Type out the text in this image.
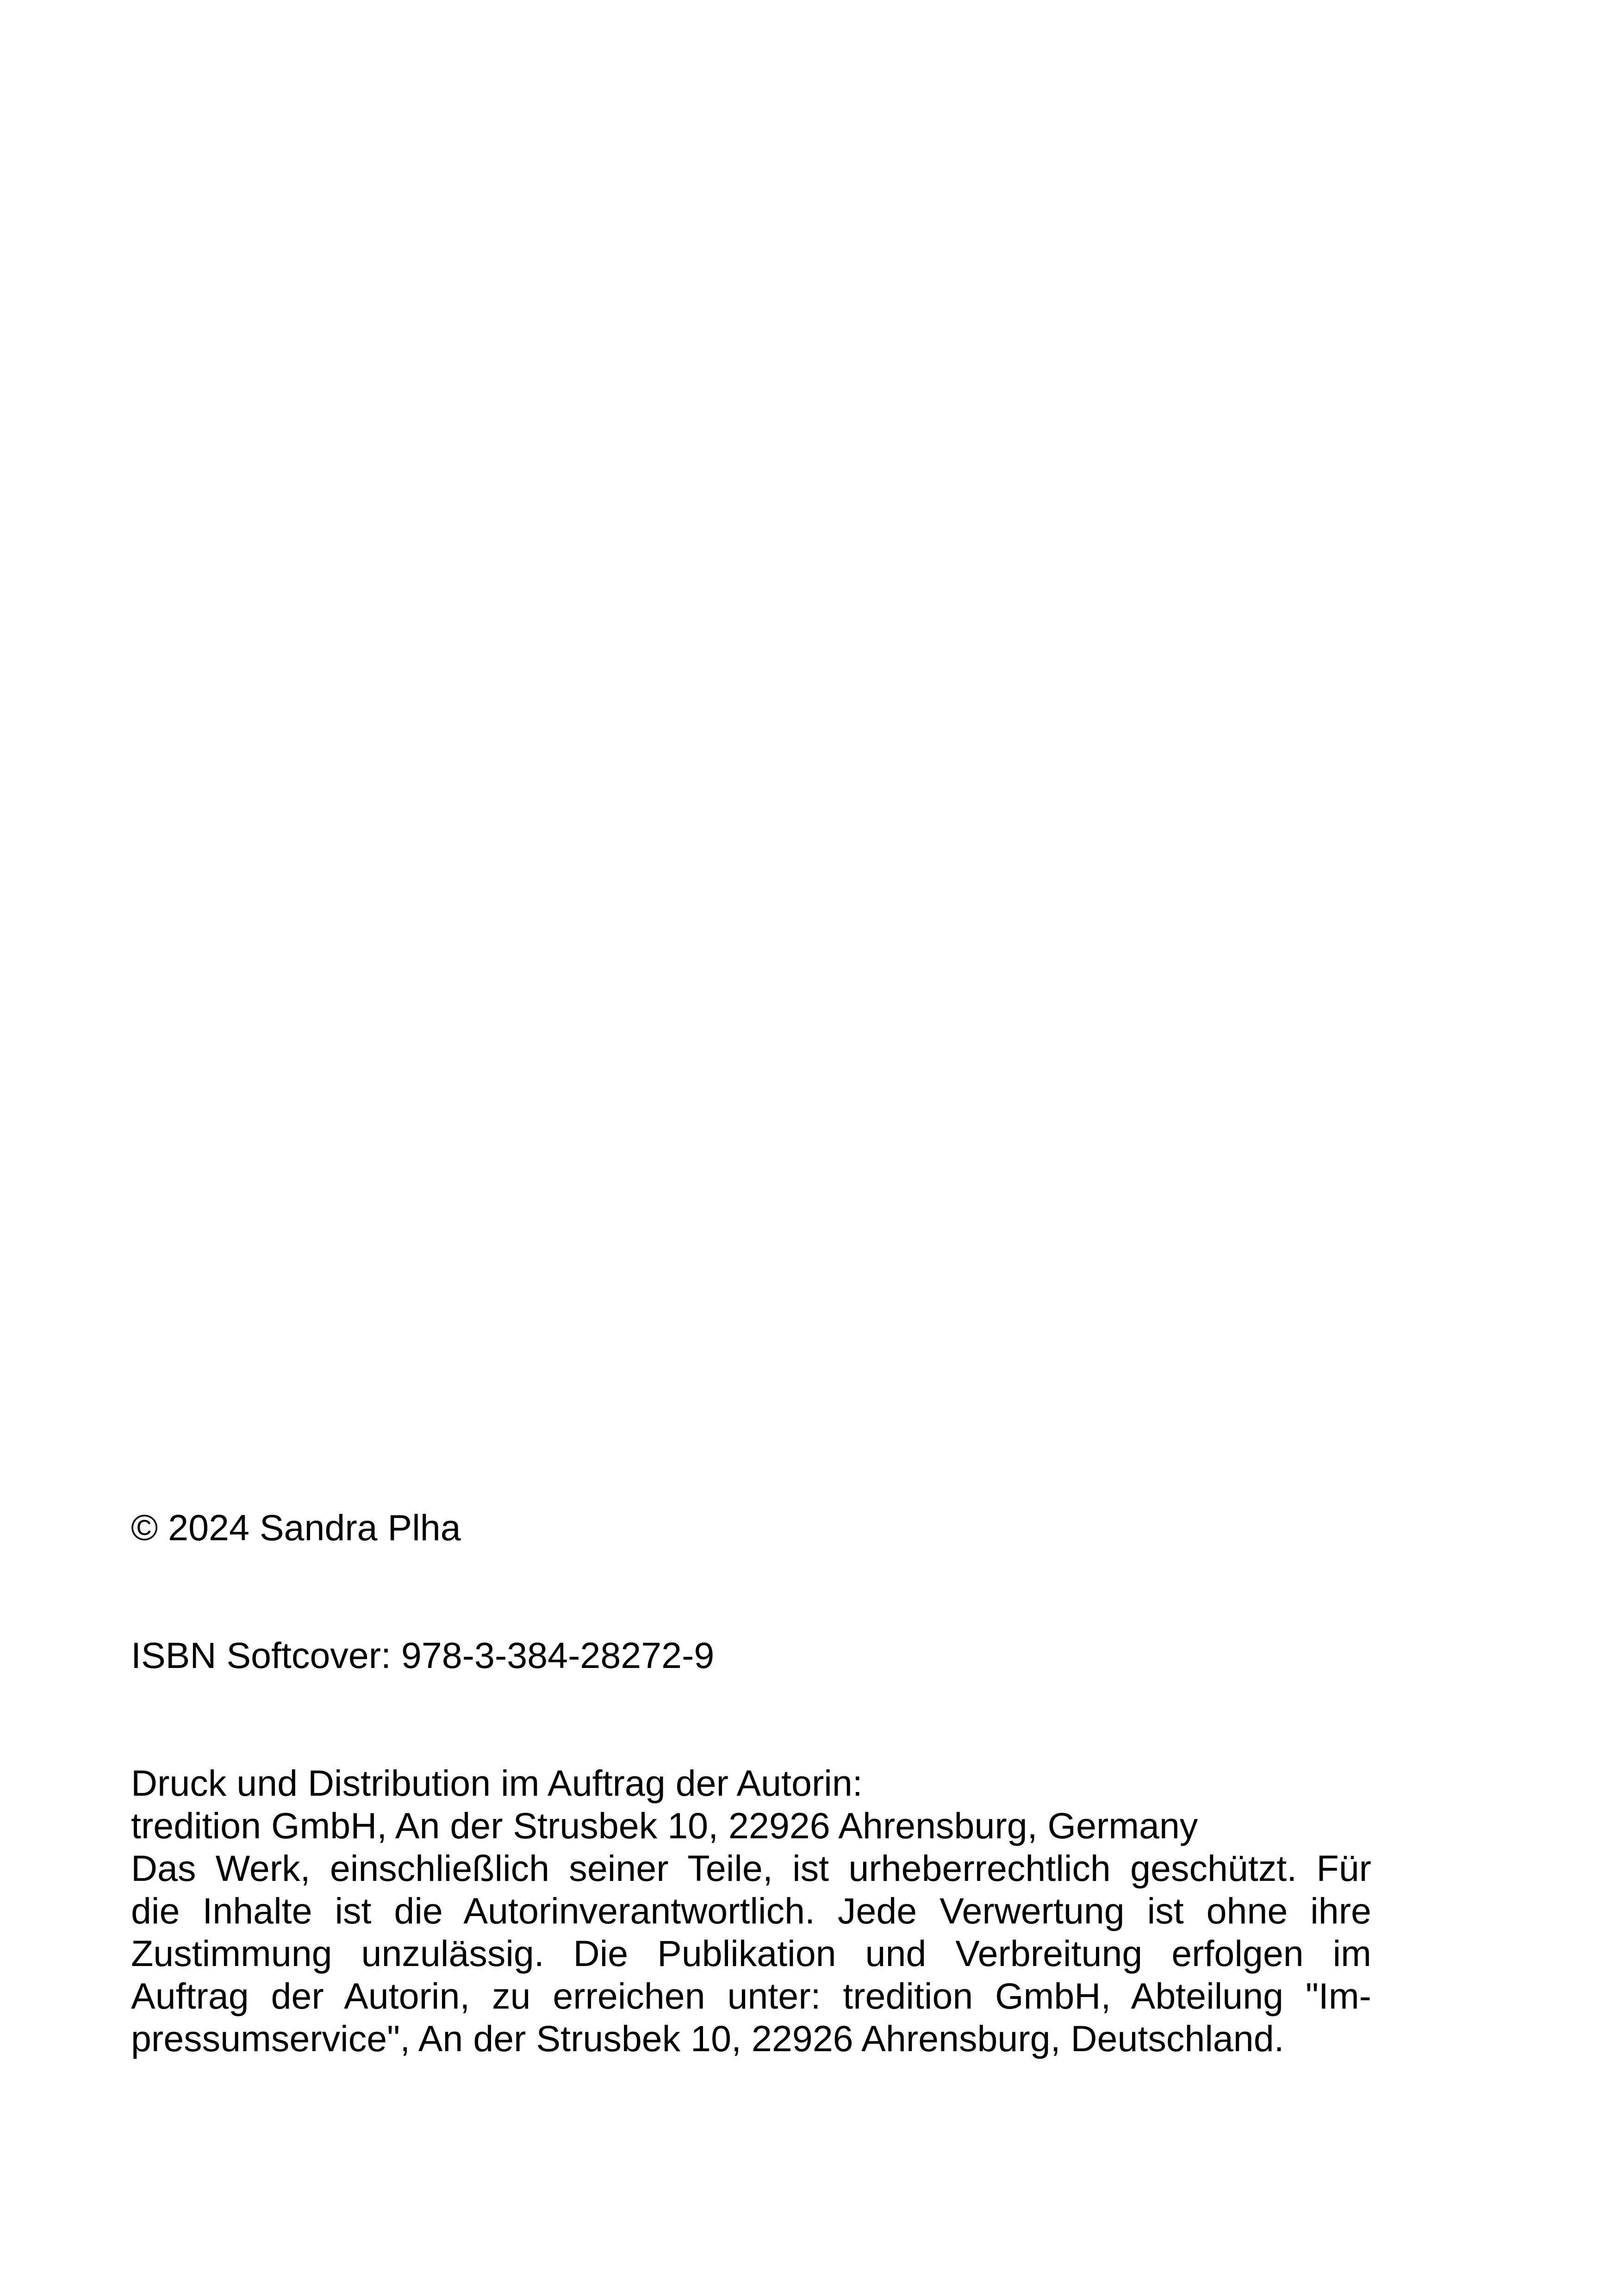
© 2024 Sandra Plha
ISBN Softcover: 978-3-384-28272-9
Druck und Distribution im Auftrag der Autorin:
tredition GmbH, An der Strusbek 10, 22926 Ahrensburg, Germany
Das Werk, einschließlich seiner Teile, ist urheberrechtlich geschützt. Für
die Inhalte ist die Autorinverantwortlich. Jede Verwertung ist ohne ihre
Zustimmung unzulässig. Die Publikation und Verbreitung erfolgen im
Auftrag der Autorin, zu erreichen unter: tredition GmbH, Abteilung "Im-
pressumservice", An der Strusbek 10, 22926 Ahrensburg, Deutschland.
